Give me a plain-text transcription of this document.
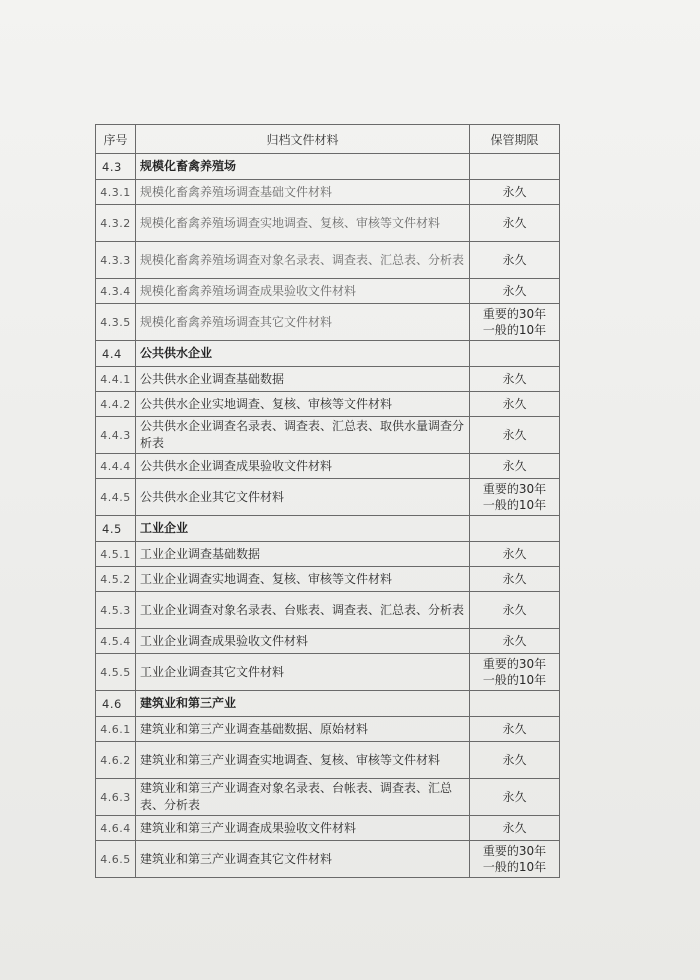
序号	归档文件材料	保管期限
4.3	规模化畜禽养殖场	
4.3.1	规模化畜禽养殖场调查基础文件材料	永久
4.3.2	规模化畜禽养殖场调查实地调查、复核、审核等文件材料	永久
4.3.3	规模化畜禽养殖场调查对象名录表、调查表、汇总表、分析表	永久
4.3.4	规模化畜禽养殖场调查成果验收文件材料	永久
4.3.5	规模化畜禽养殖场调查其它文件材料	重要的30年
一般的10年
4.4	公共供水企业	
4.4.1	公共供水企业调查基础数据	永久
4.4.2	公共供水企业实地调查、复核、审核等文件材料	永久
4.4.3	公共供水企业调查名录表、调查表、汇总表、取供水量调查分析表	永久
4.4.4	公共供水企业调查成果验收文件材料	永久
4.4.5	公共供水企业其它文件材料	重要的30年
一般的10年
4.5	工业企业	
4.5.1	工业企业调查基础数据	永久
4.5.2	工业企业调查实地调查、复核、审核等文件材料	永久
4.5.3	工业企业调查对象名录表、台账表、调查表、汇总表、分析表	永久
4.5.4	工业企业调查成果验收文件材料	永久
4.5.5	工业企业调查其它文件材料	重要的30年
一般的10年
4.6	建筑业和第三产业	
4.6.1	建筑业和第三产业调查基础数据、原始材料	永久
4.6.2	建筑业和第三产业调查实地调查、复核、审核等文件材料	永久
4.6.3	建筑业和第三产业调查对象名录表、台帐表、调查表、汇总表、分析表	永久
4.6.4	建筑业和第三产业调查成果验收文件材料	永久
4.6.5	建筑业和第三产业调查其它文件材料	重要的30年
一般的10年
